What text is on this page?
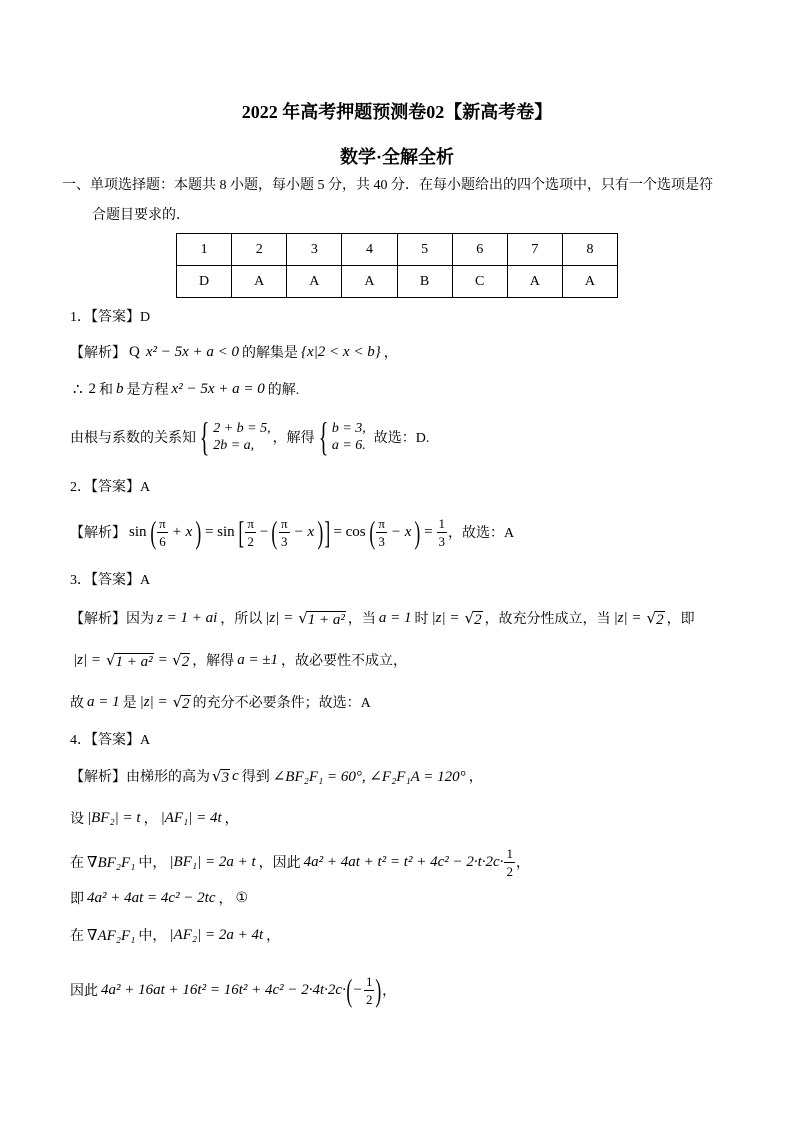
2022 年高考押题预测卷02【新高考卷】
数学·全解全析
一、单项选择题：本题共 8 小题，每小题 5 分，共 40 分．在每小题给出的四个选项中，只有一个选项是符
合题目要求的．
1	2	3	4	5	6	7	8
D	A	A	A	B	C	A	A
1．【答案】D
【解析】 Q x² − 5x + a < 0 的解集是 {x|2 < x < b} ，
∴ 2 和 b 是方程 x² − 5x + a = 0 的解.
由根与系数的关系知 { 2 + b = 5,
2b = a,	，解得 { b = 3,
a = 6. 故选：D.
2．【答案】A
【解析】 sin ( $\frac{\pi}{6} + x$ ) = sin [ $\frac{\pi}{2}$ − ( $\frac{\pi}{3} - x$ ) ] = cos ( $\frac{\pi}{3} - x$ ) = $\frac{1}{3}$ ，故选：A
3．【答案】A
【解析】因为 z = 1 + ai ，所以 |z| = √ 1 + a² ，当 a = 1 时 |z| = √ 2 ，故充分性成立，当 |z| = √ 2 ，即
|z| = √ 1 + a² = √ 2 ，解得 a = ±1 ，故必要性不成立，
故 a = 1 是 |z| = √ 2 的充分不必要条件；故选：A
4．【答案】A
【解析】由梯形的高为 √ 3 c 得到 ∠BF₂F₁ = 60°, ∠F₂F₁A = 120° ，
设 |BF₂| = t ， |AF₁| = 4t ，
在 ∇BF₂F₁ 中， |BF₁| = 2a + t ，因此 $4a^2 + 4at + t^2 = t^2 + 4c^2 - 2\cdot t\cdot 2c\cdot \frac{1}{2}$ ，
即 4a² + 4at = 4c² − 2tc ， ①
在 ∇AF₂F₁ 中， |AF₂| = 2a + 4t ，
因此 4a² + 16at + 16t² = 16t² + 4c² − 2·4t·2c· ( − $\frac{1}{2}$ ) ，
